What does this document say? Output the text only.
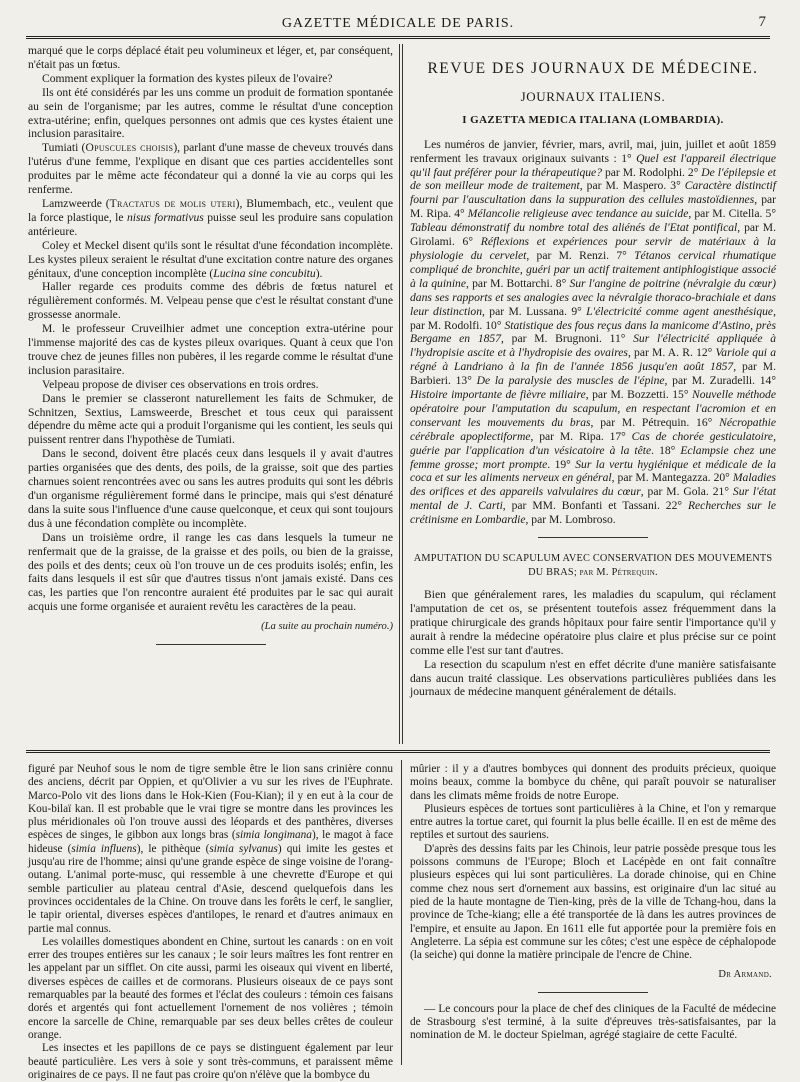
GAZETTE MÉDICALE DE PARIS.	7

marqué que le corps déplacé était peu volumineux et léger, et, par conséquent, n'était pas un fœtus.

Comment expliquer la formation des kystes pileux de l'ovaire?

Ils ont été considérés par les uns comme un produit de formation spontanée au sein de l'organisme; par les autres, comme le résultat d'une conception extra-utérine; enfin, quelques personnes ont admis que ces kystes étaient une inclusion parasitaire.

Tumiati (Opuscules choisis), parlant d'une masse de cheveux trouvés dans l'utérus d'une femme, l'explique en disant que ces parties accidentelles sont produites par le même acte fécondateur qui a donné la vie au corps qui les renferme.

Lamzweerde (Tractatus de molis uteri), Blumembach, etc., veulent que la force plastique, le nisus formativus puisse seul les produire sans copulation antérieure.

Coley et Meckel disent qu'ils sont le résultat d'une fécondation incomplète. Les kystes pileux seraient le résultat d'une excitation contre nature des organes génitaux, d'une conception incomplète (Lucina sine concubitu).

Haller regarde ces produits comme des débris de fœtus naturel et régulièrement conformés. M. Velpeau pense que c'est le résultat constant d'une grossesse anormale.

M. le professeur Cruveilhier admet une conception extra-utérine pour l'immense majorité des cas de kystes pileux ovariques. Quant à ceux que l'on trouve chez de jeunes filles non pubères, il les regarde comme le résultat d'une inclusion parasitaire.

Velpeau propose de diviser ces observations en trois ordres.

Dans le premier se classeront naturellement les faits de Schmuker, de Schnitzen, Sextius, Lamsweerde, Breschet et tous ceux qui paraissent dépendre du même acte qui a produit l'organisme qui les contient, les seuls qui puissent rentrer dans l'hypothèse de Tumiati.

Dans le second, doivent être placés ceux dans lesquels il y avait d'autres parties organisées que des dents, des poils, de la graisse, soit que des parties charnues soient rencontrées avec ou sans les autres produits qui sont les débris d'un organisme régulièrement formé dans le principe, mais qui s'est dénaturé dans la suite sous l'influence d'une cause quelconque, et ceux qui sont toujours dus à une fécondation complète ou incomplète.

Dans un troisième ordre, il range les cas dans lesquels la tumeur ne renfermait que de la graisse, de la graisse et des poils, ou bien de la graisse, des poils et des dents; ceux où l'on trouve un de ces produits isolés; enfin, les faits dans lesquels il est sûr que d'autres tissus n'ont jamais existé. Dans ces cas, les parties que l'on rencontre auraient été produites par le sac qui aurait acquis une forme organisée et auraient revêtu les caractères de la peau.

(La suite au prochain numéro.)
REVUE DES JOURNAUX DE MÉDECINE.
JOURNAUX ITALIENS.
I GAZETTA MEDICA ITALIANA (LOMBARDIA).

Les numéros de janvier, février, mars, avril, mai, juin, juillet et août 1859 renferment les travaux originaux suivants : 1° Quel est l'appareil électrique qu'il faut préférer pour la thérapeutique? par M. Rodolphi. 2° De l'épilepsie et de son meilleur mode de traitement, par M. Maspero. 3° Caractère distinctif fourni par l'auscultation dans la suppuration des cellules mastoïdiennes, par M. Ripa. 4° Mélancolie religieuse avec tendance au suicide, par M. Citella. 5° Tableau démonstratif du nombre total des aliénés de l'Etat pontifical, par M. Girolami. 6° Réflexions et expériences pour servir de matériaux à la physiologie du cervelet, par M. Renzi. 7° Tétanos cervical rhumatique compliqué de bronchite, guéri par un actif traitement antiphlogistique associé à la quinine, par M. Bottarchi. 8° Sur l'angine de poitrine (névralgie du cœur) dans ses rapports et ses analogies avec la névralgie thoraco-brachiale et dans leur distinction, par M. Lussana. 9° L'électricité comme agent anesthésique, par M. Rodolfi. 10° Statistique des fous reçus dans la manicome d'Astino, près Bergame en 1857, par M. Brugnoni. 11° Sur l'électricité appliquée à l'hydropisie ascite et à l'hydropisie des ovaires, par M. A. R. 12° Variole qui a régné à Landriano à la fin de l'année 1856 jusqu'en août 1857, par M. Barbieri. 13° De la paralysie des muscles de l'épine, par M. Zuradelli. 14° Histoire importante de fièvre miliaire, par M. Bozzetti. 15° Nouvelle méthode opératoire pour l'amputation du scapulum, en respectant l'acromion et en conservant les mouvements du bras, par M. Pétrequin. 16° Nécropathie cérébrale apoplectiforme, par M. Ripa. 17° Cas de chorée gesticulatoire, guérie par l'application d'un vésicatoire à la tête. 18° Eclampsie chez une femme grosse; mort prompte. 19° Sur la vertu hygiénique et médicale de la coca et sur les aliments nerveux en général, par M. Mantegazza. 20° Maladies des orifices et des appareils valvulaires du cœur, par M. Gola. 21° Sur l'état mental de J. Carti, par MM. Bonfanti et Tassani. 22° Recherches sur le crétinisme en Lombardie, par M. Lombroso.

AMPUTATION DU SCAPULUM AVEC CONSERVATION DES MOUVEMENTS DU BRAS; par M. Pétrequin.

Bien que généralement rares, les maladies du scapulum, qui réclament l'amputation de cet os, se présentent toutefois assez fréquemment dans la pratique chirurgicale des grands hôpitaux pour faire sentir l'importance qu'il y aurait à rendre la médecine opératoire plus claire et plus précise sur ce point comme elle l'est sur tant d'autres.

La resection du scapulum n'est en effet décrite d'une manière satisfaisante dans aucun traité classique. Les observations particulières publiées dans les journaux de médecine manquent généralement de détails.

figuré par Neuhof sous le nom de tigre semble être le lion sans crinière connu des anciens, décrit par Oppien, et qu'Olivier a vu sur les rives de l'Euphrate. Marco-Polo vit des lions dans le Hok-Kien (Fou-Kian); il y en eut à la cour de Kou-bilaï kan. Il est probable que le vrai tigre se montre dans les provinces les plus méridionales où l'on trouve aussi des léopards et des panthères, diverses espèces de singes, le gibbon aux longs bras (simia longimana), le magot à face hideuse (simia influens), le pithèque (simia sylvanus) qui imite les gestes et jusqu'au rire de l'homme; ainsi qu'une grande espèce de singe voisine de l'orang-outang. L'animal porte-musc, qui ressemble à une chevrette d'Europe et qui semble particulier au plateau central d'Asie, descend quelquefois dans les provinces occidentales de la Chine. On trouve dans les forêts le cerf, le sanglier, le tapir oriental, diverses espèces d'antilopes, le renard et d'autres animaux en partie mal connus.

Les volailles domestiques abondent en Chine, surtout les canards : on en voit errer des troupes entières sur les canaux ; le soir leurs maîtres les font rentrer en les appelant par un sifflet. On cite aussi, parmi les oiseaux qui vivent en liberté, diverses espèces de cailles et de cormorans. Plusieurs oiseaux de ce pays sont remarquables par la beauté des formes et l'éclat des couleurs : témoin ces faisans dorés et argentés qui font actuellement l'ornement de nos volières ; témoin encore la sarcelle de Chine, remarquable par ses deux belles crêtes de couleur orange.

Les insectes et les papillons de ce pays se distinguent également par leur beauté particulière. Les vers à soie y sont très-communs, et paraissent même originaires de ce pays. Il ne faut pas croire qu'on n'élève que la bombyce du

mûrier : il y a d'autres bombyces qui donnent des produits précieux, quoique moins beaux, comme la bombyce du chêne, qui paraît pouvoir se naturaliser dans les climats même froids de notre Europe.

Plusieurs espèces de tortues sont particulières à la Chine, et l'on y remarque entre autres la tortue caret, qui fournit la plus belle écaille. Il en est de même des reptiles et surtout des sauriens.

D'après des dessins faits par les Chinois, leur patrie possède presque tous les poissons communs de l'Europe; Bloch et Lacépède en ont fait connaître plusieurs espèces qui lui sont particulières. La dorade chinoise, qui en Chine comme chez nous sert d'ornement aux bassins, est originaire d'un lac situé au pied de la haute montagne de Tien-king, près de la ville de Tchang-hou, dans la province de Tche-kiang; elle a été transportée de là dans les autres provinces de l'empire, et ensuite au Japon. En 1611 elle fut apportée pour la première fois en Angleterre. La sépia est commune sur les côtes; c'est une espèce de céphalopode (la seiche) qui donne la matière principale de l'encre de Chine.

Dr Armand.

— Le concours pour la place de chef des cliniques de la Faculté de médecine de Strasbourg s'est terminé, à la suite d'épreuves très-satisfaisantes, par la nomination de M. le docteur Spielman, agrégé stagiaire de cette Faculté.
